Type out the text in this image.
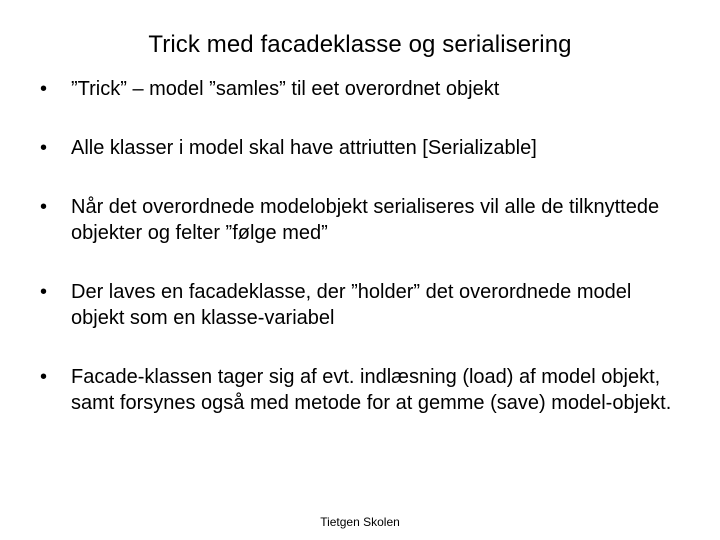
Trick med facadeklasse og serialisering
•	”Trick” – model ”samles” til eet overordnet objekt
•	Alle klasser i model skal have attriutten [Serializable]
•	Når det overordnede modelobjekt serialiseres vil alle de tilknyttede objekter og felter ”følge med”
•	Der laves en facadeklasse, der ”holder” det overordnede model objekt som en klasse-variabel
•	Facade-klassen tager sig af evt. indlæsning (load) af model objekt, samt forsynes også med metode for at gemme (save) model-objekt.
Tietgen Skolen
